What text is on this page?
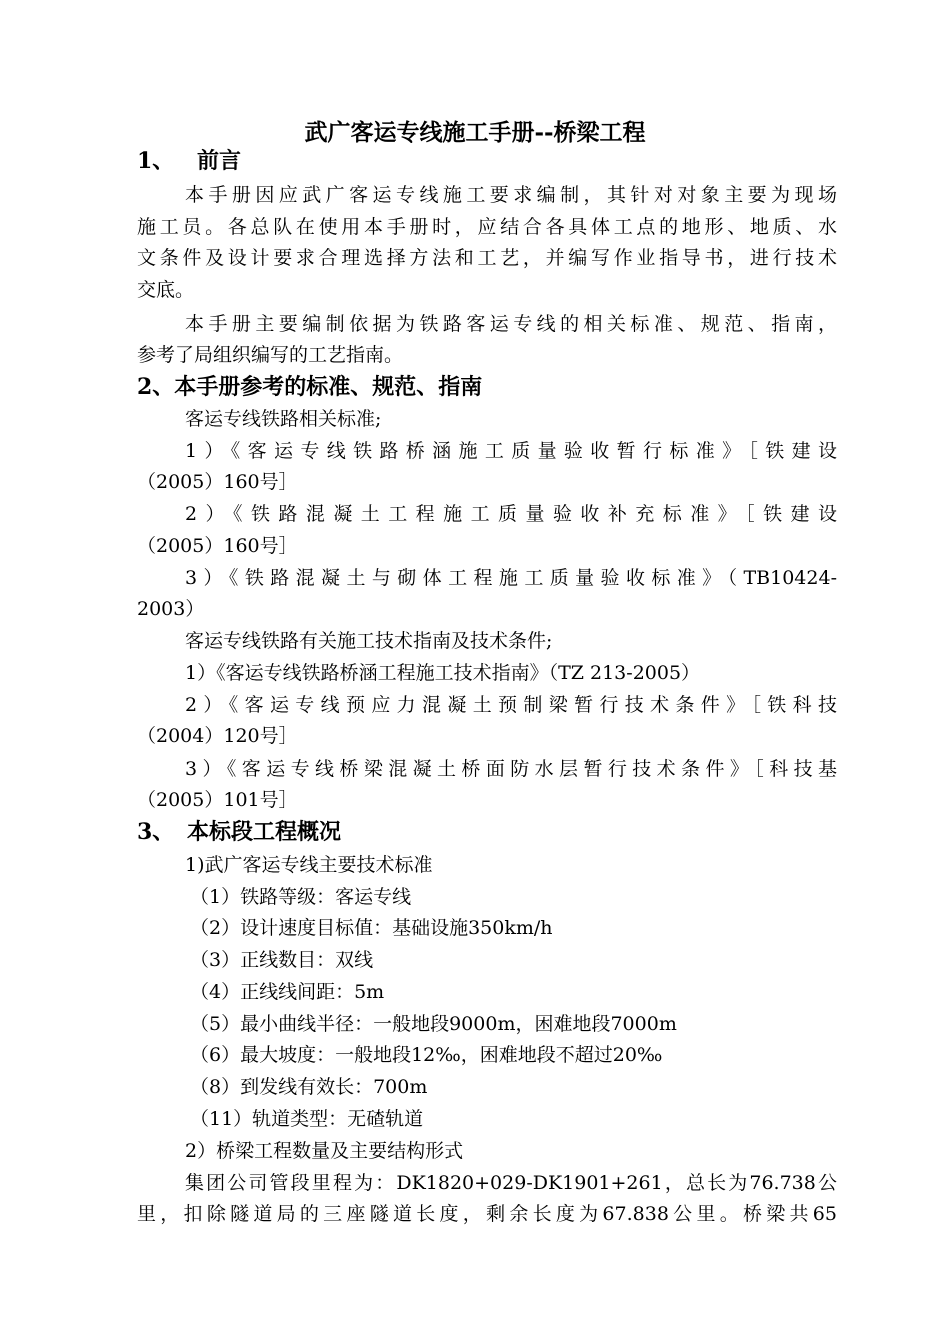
武广客运专线施工手册--桥梁工程
1、 前言
本手册因应武广客运专线施工要求编制，其针对对象主要为现场
施工员。各总队在使用本手册时，应结合各具体工点的地形、地质、水
文条件及设计要求合理选择方法和工艺，并编写作业指导书，进行技术
交底。
本手册主要编制依据为铁路客运专线的相关标准、规范、指南，
参考了局组织编写的工艺指南。
2、本手册参考的标准、规范、指南
客运专线铁路相关标准;
1）《客运专线铁路桥涵施工质量验收暂行标准》［铁建设
（2005）160号］
2）《铁路混凝土工程施工质量验收补充标准》［铁建设
（2005）160号］
3）《铁路混凝土与砌体工程施工质量验收标准》（TB10424-
2003）
客运专线铁路有关施工技术指南及技术条件;
1）《客运专线铁路桥涵工程施工技术指南》（TZ 213-2005）
2）《客运专线预应力混凝土预制梁暂行技术条件》［铁科技
（2004）120号］
3）《客运专线桥梁混凝土桥面防水层暂行技术条件》［科技基
（2005）101号］
3、 本标段工程概况
1)武广客运专线主要技术标准
（1）铁路等级：客运专线
（2）设计速度目标值：基础设施350km/h
（3）正线数目：双线
（4）正线线间距：5m
（5）最小曲线半径：一般地段9000m，困难地段7000m
（6）最大坡度：一般地段12‰，困难地段不超过20‰
（8）到发线有效长：700m
（11）轨道类型：无碴轨道
2）桥梁工程数量及主要结构形式
集团公司管段里程为：DK1820+029-DK1901+261，总长为76.738公
里，扣除隧道局的三座隧道长度，剩余长度为67.838公里。桥梁共65
